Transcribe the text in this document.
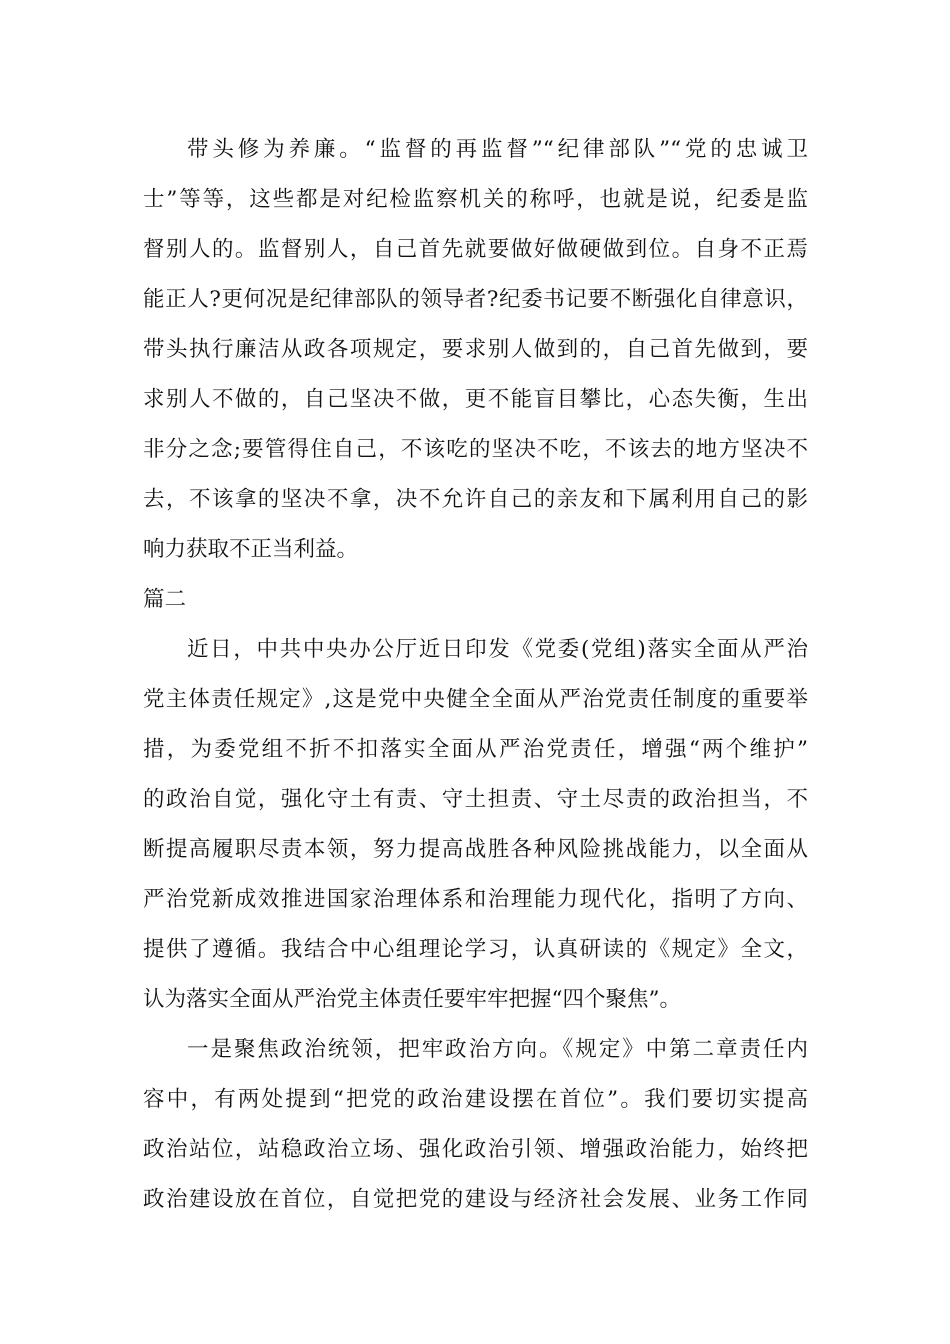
带头修为养廉。“监督的再监督”“纪律部队”“党的忠诚卫
士”等等，这些都是对纪检监察机关的称呼，也就是说，纪委是监
督别人的。监督别人，自己首先就要做好做硬做到位。自身不正焉
能正人?更何况是纪律部队的领导者?纪委书记要不断强化自律意识，
带头执行廉洁从政各项规定，要求别人做到的，自己首先做到，要
求别人不做的，自己坚决不做，更不能盲目攀比，心态失衡，生出
非分之念;要管得住自己，不该吃的坚决不吃，不该去的地方坚决不
去，不该拿的坚决不拿，决不允许自己的亲友和下属利用自己的影
响力获取不正当利益。
篇二
近日，中共中央办公厅近日印发《党委(党组)落实全面从严治
党主体责任规定》,这是党中央健全全面从严治党责任制度的重要举
措，为委党组不折不扣落实全面从严治党责任，增强“两个维护”
的政治自觉，强化守土有责、守土担责、守土尽责的政治担当，不
断提高履职尽责本领，努力提高战胜各种风险挑战能力，以全面从
严治党新成效推进国家治理体系和治理能力现代化，指明了方向、
提供了遵循。我结合中心组理论学习，认真研读的《规定》全文，
认为落实全面从严治党主体责任要牢牢把握“四个聚焦”。
一是聚焦政治统领，把牢政治方向。《规定》中第二章责任内
容中，有两处提到“把党的政治建设摆在首位”。我们要切实提高
政治站位，站稳政治立场、强化政治引领、增强政治能力，始终把
政治建设放在首位，自觉把党的建设与经济社会发展、业务工作同
